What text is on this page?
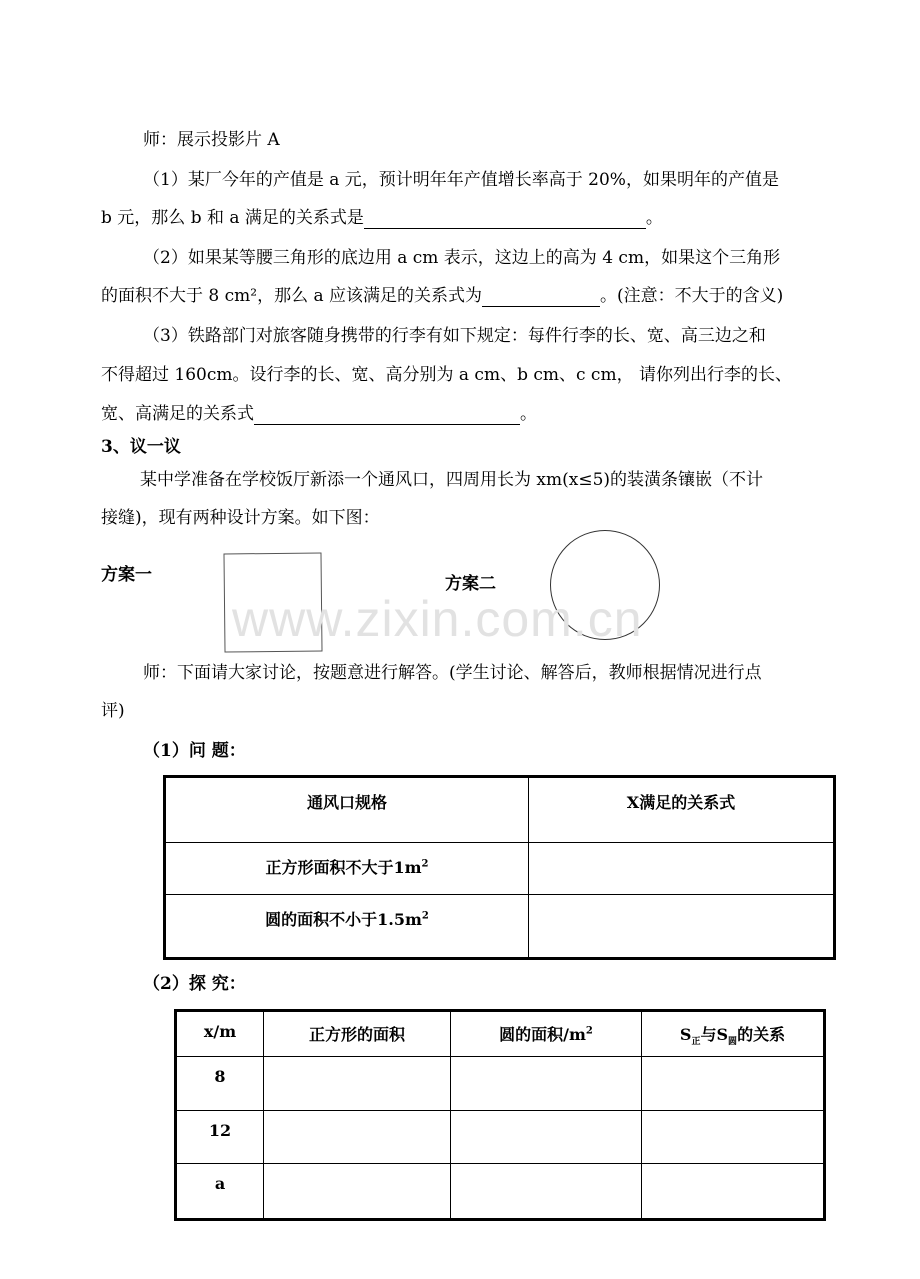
师：展示投影片 A
（1）某厂今年的产值是 a 元，预计明年年产值增长率高于 20%，如果明年的产值是
b 元，那么 b 和 a 满足的关系式是	。
（2）如果某等腰三角形的底边用 a cm 表示，这边上的高为 4 cm，如果这个三角形
的面积不大于 8 cm²，那么 a 应该满足的关系式为	。(注意：不大于的含义)
（3）铁路部门对旅客随身携带的行李有如下规定：每件行李的长、宽、高三边之和
不得超过 160cm。设行李的长、宽、高分别为 a cm、b cm、c cm， 请你列出行李的长、
宽、高满足的关系式	。
3、议一议
某中学准备在学校饭厅新添一个通风口，四周用长为 xm(x≤5)的装潢条镶嵌（不计
接缝)，现有两种设计方案。如下图：
方案一	方案二
www.zixin.com.cn
师：下面请大家讨论，按题意进行解答。(学生讨论、解答后，教师根据情况进行点
评)
（1）问 题：
通风口规格	X满足的关系式
正方形面积不大于$1m^2$	
圆的面积不小于$1.5m^2$	
（2）探 究：
x/m	正方形的面积	圆的面积$/m^2$	$S_正$与$S_圆$的关系
8			
12			
a			
